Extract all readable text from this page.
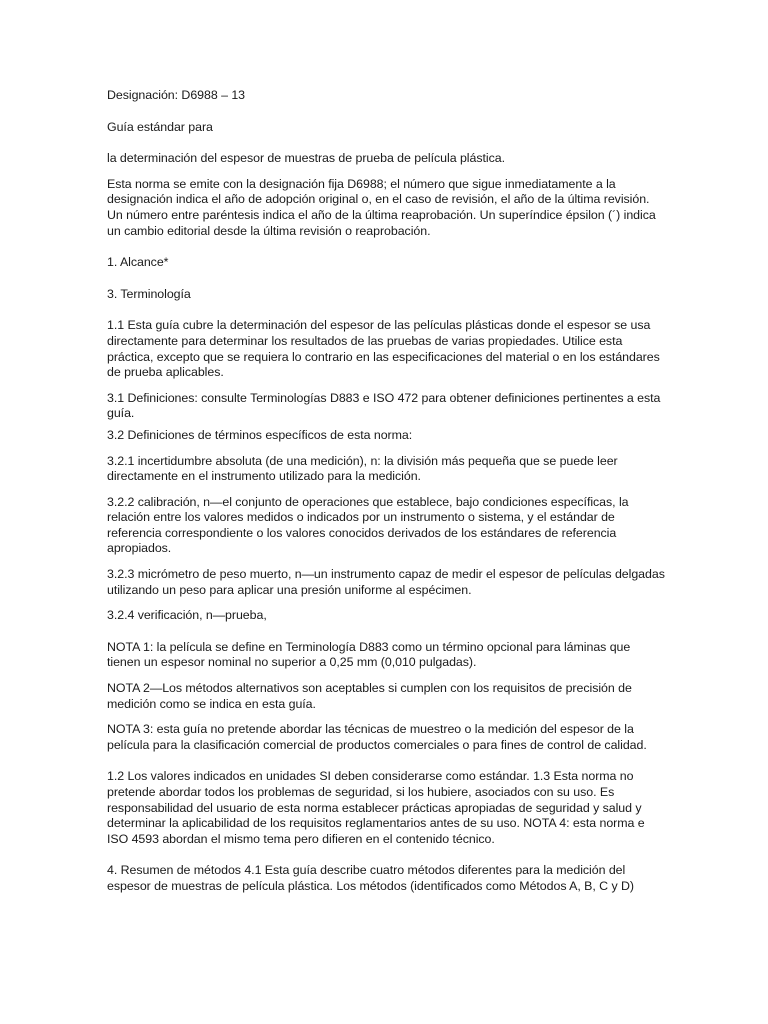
Designación: D6988 – 13

Guía estándar para

la determinación del espesor de muestras de prueba de película plástica.

Esta norma se emite con la designación fija D6988; el número que sigue inmediatamente a la designación indica el año de adopción original o, en el caso de revisión, el año de la última revisión. Un número entre paréntesis indica el año de la última reaprobación. Un superíndice épsilon (´) indica un cambio editorial desde la última revisión o reaprobación.

1. Alcance*

3. Terminología

1.1 Esta guía cubre la determinación del espesor de las películas plásticas donde el espesor se usa directamente para determinar los resultados de las pruebas de varias propiedades. Utilice esta práctica, excepto que se requiera lo contrario en las especificaciones del material o en los estándares de prueba aplicables.

3.1 Definiciones: consulte Terminologías D883 e ISO 472 para obtener definiciones pertinentes a esta guía.

3.2 Definiciones de términos específicos de esta norma:

3.2.1 incertidumbre absoluta (de una medición), n: la división más pequeña que se puede leer directamente en el instrumento utilizado para la medición.

3.2.2 calibración, n—el conjunto de operaciones que establece, bajo condiciones específicas, la relación entre los valores medidos o indicados por un instrumento o sistema, y el estándar de referencia correspondiente o los valores conocidos derivados de los estándares de referencia apropiados.

3.2.3 micrómetro de peso muerto, n—un instrumento capaz de medir el espesor de películas delgadas utilizando un peso para aplicar una presión uniforme al espécimen.

3.2.4 verificación, n—prueba,

NOTA 1: la película se define en Terminología D883 como un término opcional para láminas que tienen un espesor nominal no superior a 0,25 mm (0,010 pulgadas).

NOTA 2—Los métodos alternativos son aceptables si cumplen con los requisitos de precisión de medición como se indica en esta guía.

NOTA 3: esta guía no pretende abordar las técnicas de muestreo o la medición del espesor de la película para la clasificación comercial de productos comerciales o para fines de control de calidad.

1.2 Los valores indicados en unidades SI deben considerarse como estándar. 1.3 Esta norma no pretende abordar todos los problemas de seguridad, si los hubiere, asociados con su uso. Es responsabilidad del usuario de esta norma establecer prácticas apropiadas de seguridad y salud y determinar la aplicabilidad de los requisitos reglamentarios antes de su uso. NOTA 4: esta norma e ISO 4593 abordan el mismo tema pero difieren en el contenido técnico.

4. Resumen de métodos 4.1 Esta guía describe cuatro métodos diferentes para la medición del espesor de muestras de película plástica. Los métodos (identificados como Métodos A, B, C y D)
